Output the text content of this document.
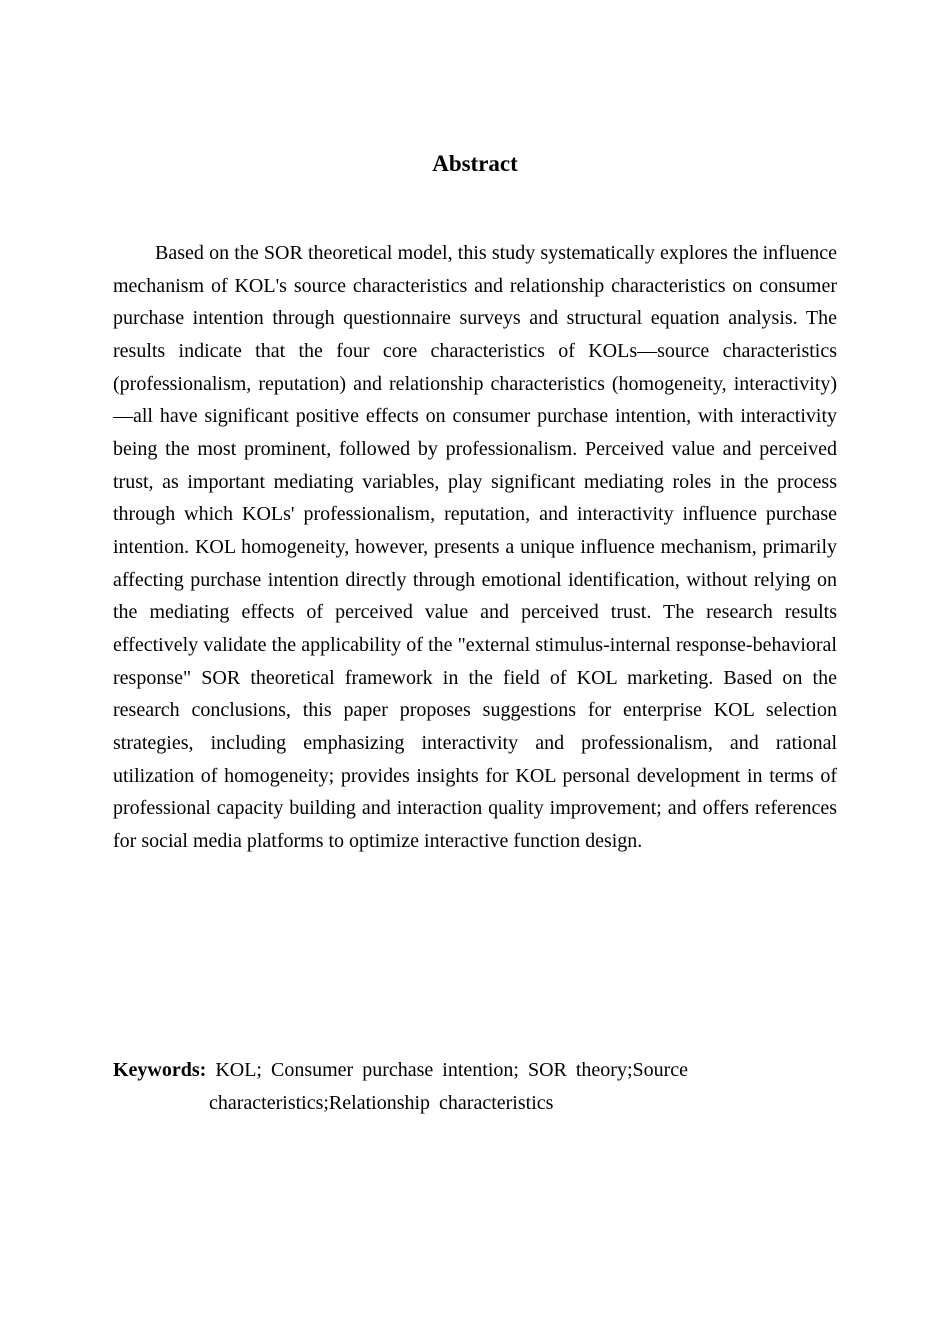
Abstract

Based on the SOR theoretical model, this study systematically explores the influence mechanism of KOL's source characteristics and relationship characteristics on consumer purchase intention through questionnaire surveys and structural equation analysis. The results indicate that the four core characteristics of KOLs—source characteristics (professionalism, reputation) and relationship characteristics (homogeneity, interactivity)—all have significant positive effects on consumer purchase intention, with interactivity being the most prominent, followed by professionalism. Perceived value and perceived trust, as important mediating variables, play significant mediating roles in the process through which KOLs' professionalism, reputation, and interactivity influence purchase intention. KOL homogeneity, however, presents a unique influence mechanism, primarily affecting purchase intention directly through emotional identification, without relying on the mediating effects of perceived value and perceived trust. The research results effectively validate the applicability of the "external stimulus-internal response-behavioral response" SOR theoretical framework in the field of KOL marketing. Based on the research conclusions, this paper proposes suggestions for enterprise KOL selection strategies, including emphasizing interactivity and professionalism, and rational utilization of homogeneity; provides insights for KOL personal development in terms of professional capacity building and interaction quality improvement; and offers references for social media platforms to optimize interactive function design.

Keywords: KOL; Consumer purchase intention; SOR theory;Source
characteristics;Relationship characteristics
